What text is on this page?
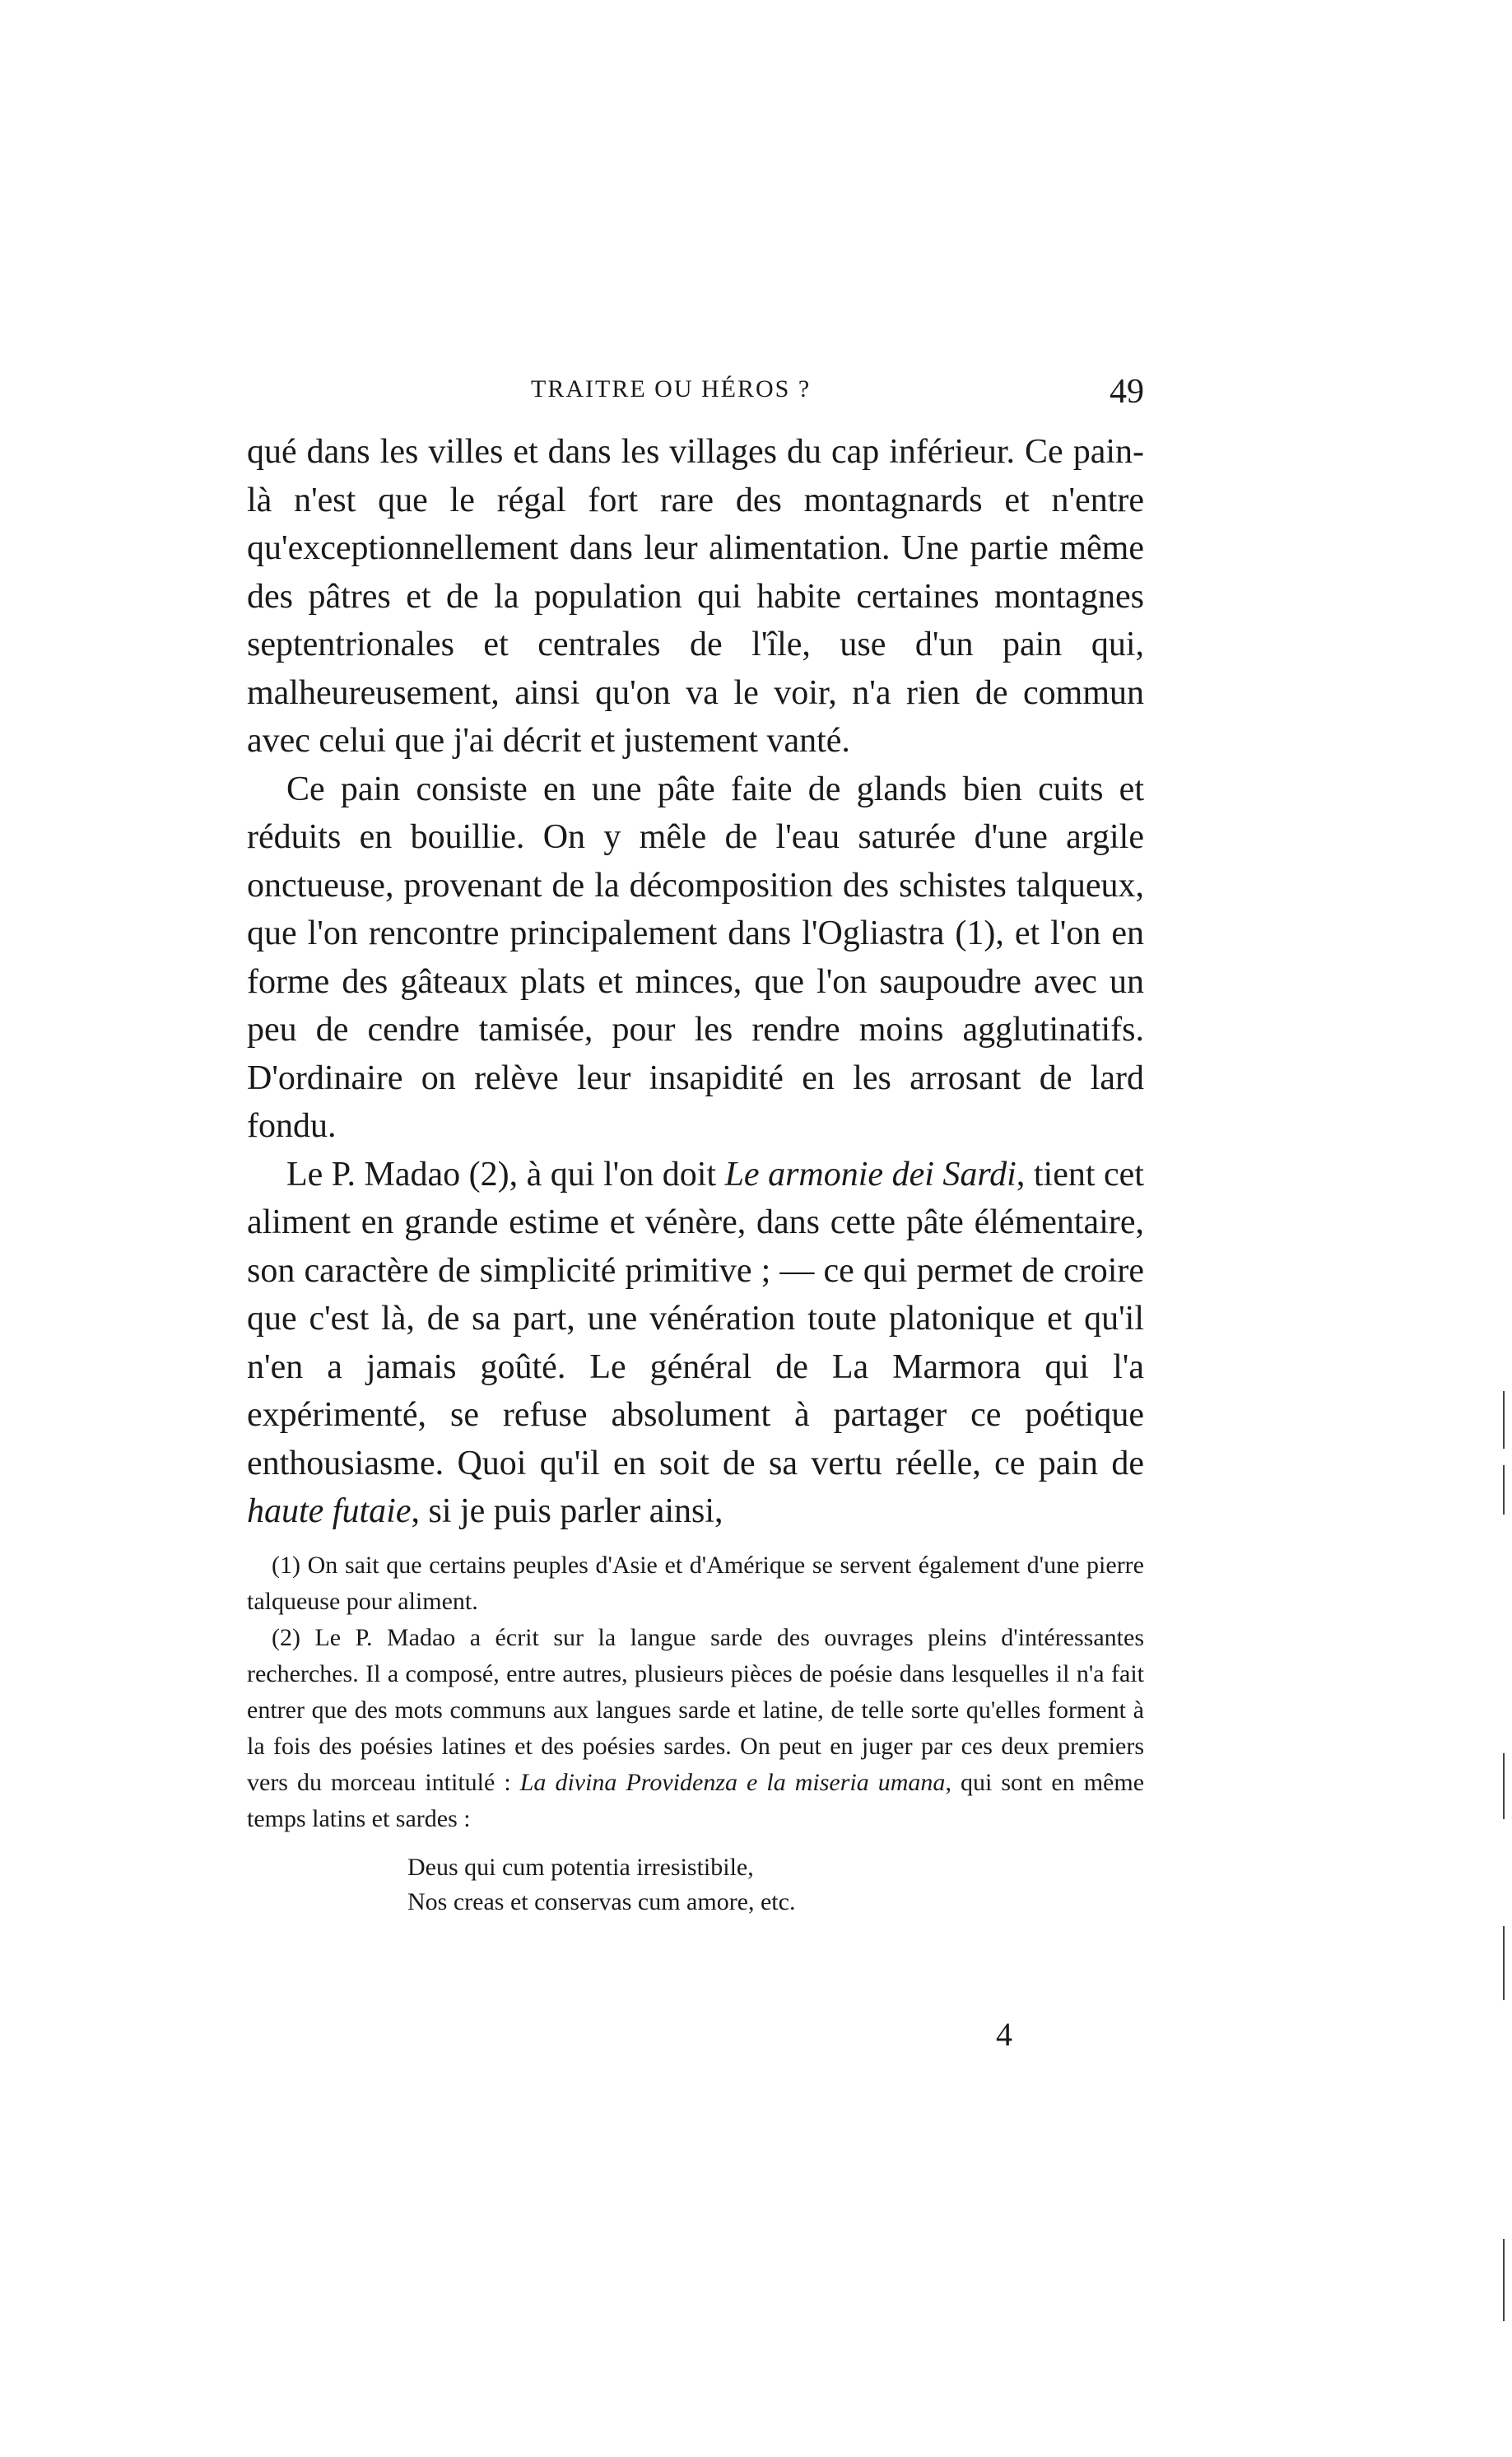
TRAITRE OU HÉROS ?	49

qué dans les villes et dans les villages du cap inférieur. Ce pain-là n'est que le régal fort rare des montagnards et n'entre qu'exceptionnellement dans leur alimentation. Une partie même des pâtres et de la population qui habite certaines montagnes septentrionales et centrales de l'île, use d'un pain qui, malheureusement, ainsi qu'on va le voir, n'a rien de commun avec celui que j'ai décrit et justement vanté.

Ce pain consiste en une pâte faite de glands bien cuits et réduits en bouillie. On y mêle de l'eau saturée d'une argile onctueuse, provenant de la décomposition des schistes talqueux, que l'on rencontre principalement dans l'Ogliastra (1), et l'on en forme des gâteaux plats et minces, que l'on saupoudre avec un peu de cendre tamisée, pour les rendre moins agglutinatifs. D'ordinaire on relève leur insapidité en les arrosant de lard fondu.

Le P. Madao (2), à qui l'on doit Le armonie dei Sardi, tient cet aliment en grande estime et vénère, dans cette pâte élémentaire, son caractère de simplicité primitive ; — ce qui permet de croire que c'est là, de sa part, une vénération toute platonique et qu'il n'en a jamais goûté. Le général de La Marmora qui l'a expérimenté, se refuse absolument à partager ce poétique enthousiasme. Quoi qu'il en soit de sa vertu réelle, ce pain de haute futaie, si je puis parler ainsi,

(1) On sait que certains peuples d'Asie et d'Amérique se servent également d'une pierre talqueuse pour aliment.

(2) Le P. Madao a écrit sur la langue sarde des ouvrages pleins d'intéressantes recherches. Il a composé, entre autres, plusieurs pièces de poésie dans lesquelles il n'a fait entrer que des mots communs aux langues sarde et latine, de telle sorte qu'elles forment à la fois des poésies latines et des poésies sardes. On peut en juger par ces deux premiers vers du morceau intitulé : La divina Providenza e la miseria umana, qui sont en même temps latins et sardes :

Deus qui cum potentia irresistibile,
Nos creas et conservas cum amore, etc.
4
